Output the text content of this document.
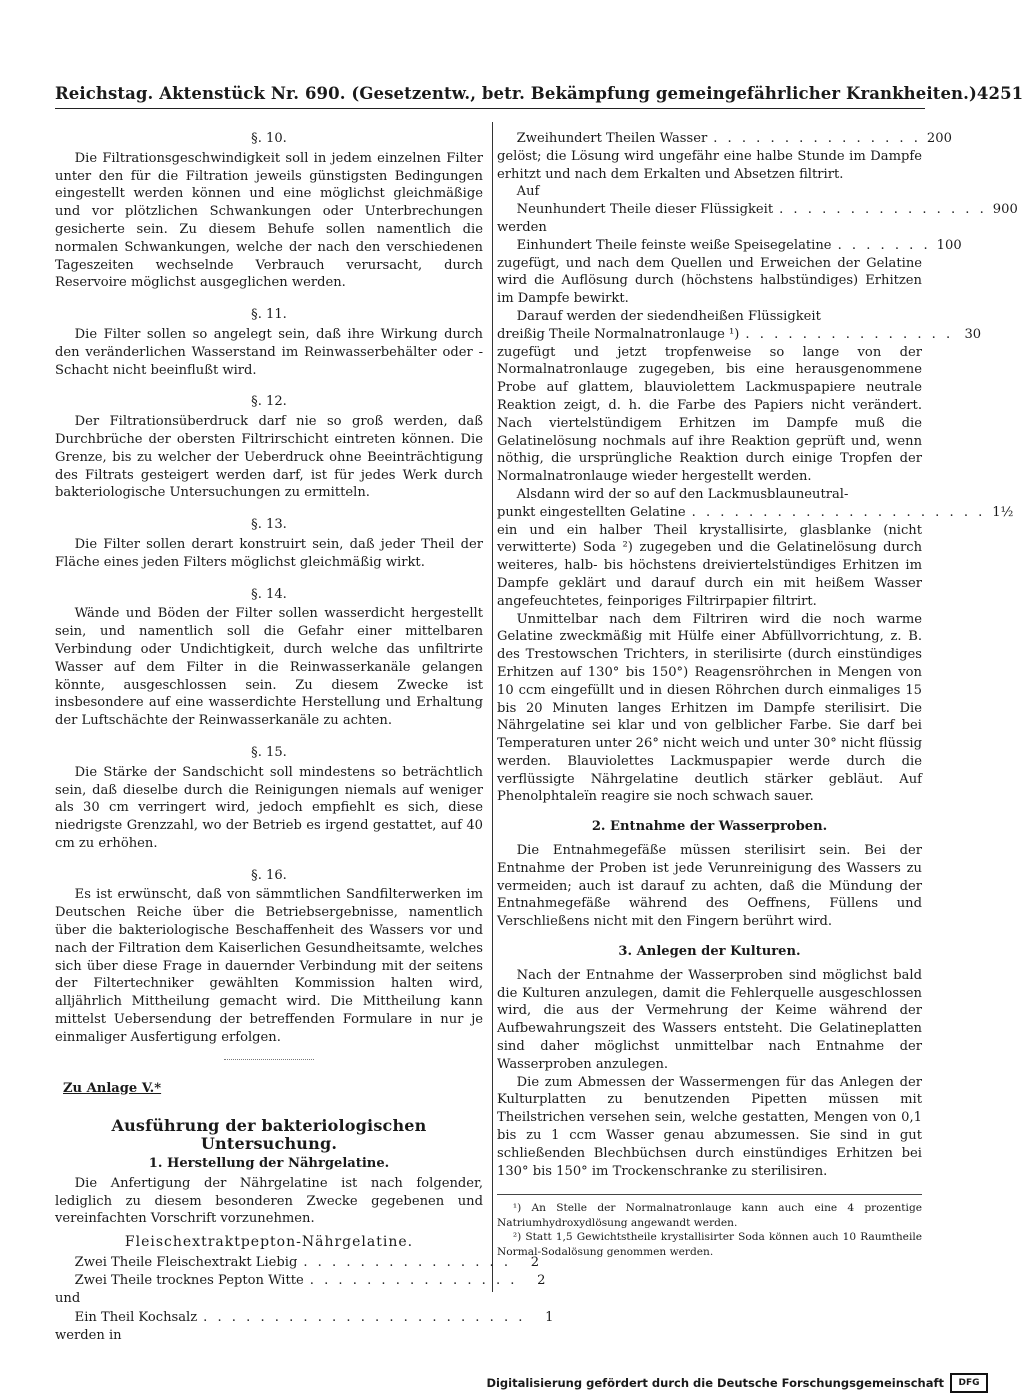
Reichstag. Aktenstück Nr. 690. (Gesetzentw., betr. Bekämpfung gemeingefährlicher Krankheiten.) 4251
§. 10.

Die Filtrationsgeschwindigkeit soll in jedem einzelnen Filter unter den für die Filtration jeweils günstigsten Bedingungen eingestellt werden können und eine möglichst gleichmäßige und vor plötzlichen Schwankungen oder Unterbrechungen gesicherte sein. Zu diesem Behufe sollen namentlich die normalen Schwankungen, welche der nach den verschiedenen Tageszeiten wechselnde Verbrauch verursacht, durch Reservoire möglichst ausgeglichen werden.

§. 11.

Die Filter sollen so angelegt sein, daß ihre Wirkung durch den veränderlichen Wasserstand im Reinwasserbehälter oder -Schacht nicht beeinflußt wird.

§. 12.

Der Filtrationsüberdruck darf nie so groß werden, daß Durchbrüche der obersten Filtrirschicht eintreten können. Die Grenze, bis zu welcher der Ueberdruck ohne Beeinträchtigung des Filtrats gesteigert werden darf, ist für jedes Werk durch bakteriologische Untersuchungen zu ermitteln.

§. 13.

Die Filter sollen derart konstruirt sein, daß jeder Theil der Fläche eines jeden Filters möglichst gleichmäßig wirkt.

§. 14.

Wände und Böden der Filter sollen wasserdicht hergestellt sein, und namentlich soll die Gefahr einer mittelbaren Verbindung oder Undichtigkeit, durch welche das unfiltrirte Wasser auf dem Filter in die Reinwasserkanäle gelangen könnte, ausgeschlossen sein. Zu diesem Zwecke ist insbesondere auf eine wasserdichte Herstellung und Erhaltung der Luftschächte der Reinwasserkanäle zu achten.

§. 15.

Die Stärke der Sandschicht soll mindestens so beträchtlich sein, daß dieselbe durch die Reinigungen niemals auf weniger als 30 cm verringert wird, jedoch empfiehlt es sich, diese niedrigste Grenzzahl, wo der Betrieb es irgend gestattet, auf 40 cm zu erhöhen.

§. 16.

Es ist erwünscht, daß von sämmtlichen Sandfilterwerken im Deutschen Reiche über die Betriebsergebnisse, namentlich über die bakteriologische Beschaffenheit des Wassers vor und nach der Filtration dem Kaiserlichen Gesundheitsamte, welches sich über diese Frage in dauernder Verbindung mit der seitens der Filtertechniker gewählten Kommission halten wird, alljährlich Mittheilung gemacht wird. Die Mittheilung kann mittelst Uebersendung der betreffenden Formulare in nur je einmaliger Ausfertigung erfolgen.

Zu Anlage V.*
Ausführung der bakteriologischen Untersuchung.
1. Herstellung der Nährgelatine.

Die Anfertigung der Nährgelatine ist nach folgender, lediglich zu diesem besonderen Zwecke gegebenen und vereinfachten Vorschrift vorzunehmen.

Fleischextraktpepton-Nährgelatine.
Zwei Theile Fleischextrakt Liebig . . . . . . . . . . . . . . .	2
Zwei Theile trocknes Pepton Witte . . . . . . . . . . . . . . .	2
und
Ein Theil Kochsalz . . . . . . . . . . . . . . . . . . . . . . .	1
werden in
Zweihundert Theilen Wasser . . . . . . . . . . . . . . . 200

gelöst; die Lösung wird ungefähr eine halbe Stunde im Dampfe erhitzt und nach dem Erkalten und Absetzen filtrirt.

Auf
Neunhundert Theile dieser Flüssigkeit . . . . . . . . . . . . . . . 900
werden
Einhundert Theile feinste weiße Speisegelatine . . . . . . . 100

zugefügt, und nach dem Quellen und Erweichen der Gelatine wird die Auflösung durch (höchstens halbstündiges) Erhitzen im Dampfe bewirkt.

Darauf werden der siedendheißen Flüssigkeit

dreißig Theile Normalnatronlauge ¹) . . . . . . . . . . . . . . . 30

zugefügt und jetzt tropfenweise so lange von der Normalnatronlauge zugegeben, bis eine herausgenommene Probe auf glattem, blauviolettem Lackmuspapiere neutrale Reaktion zeigt, d. h. die Farbe des Papiers nicht verändert. Nach viertelstündigem Erhitzen im Dampfe muß die Gelatinelösung nochmals auf ihre Reaktion geprüft und, wenn nöthig, die ursprüngliche Reaktion durch einige Tropfen der Normalnatronlauge wieder hergestellt werden.

Alsdann wird der so auf den Lackmusblauneutral-

punkt eingestellten Gelatine . . . . . . . . . . . . . . . . . . . . . 1½

ein und ein halber Theil krystallisirte, glasblanke (nicht verwitterte) Soda ²) zugegeben und die Gelatinelösung durch weiteres, halb- bis höchstens dreiviertelstündiges Erhitzen im Dampfe geklärt und darauf durch ein mit heißem Wasser angefeuchtetes, feinporiges Filtrirpapier filtrirt.

Unmittelbar nach dem Filtriren wird die noch warme Gelatine zweckmäßig mit Hülfe einer Abfüllvorrichtung, z. B. des Trestowschen Trichters, in sterilisirte (durch einstündiges Erhitzen auf 130° bis 150°) Reagensröhrchen in Mengen von 10 ccm eingefüllt und in diesen Röhrchen durch einmaliges 15 bis 20 Minuten langes Erhitzen im Dampfe sterilisirt. Die Nährgelatine sei klar und von gelblicher Farbe. Sie darf bei Temperaturen unter 26° nicht weich und unter 30° nicht flüssig werden. Blauviolettes Lackmuspapier werde durch die verflüssigte Nährgelatine deutlich stärker gebläut. Auf Phenolphtaleïn reagire sie noch schwach sauer.

2. Entnahme der Wasserproben.

Die Entnahmegefäße müssen sterilisirt sein. Bei der Entnahme der Proben ist jede Verunreinigung des Wassers zu vermeiden; auch ist darauf zu achten, daß die Mündung der Entnahmegefäße während des Oeffnens, Füllens und Verschließens nicht mit den Fingern berührt wird.

3. Anlegen der Kulturen.

Nach der Entnahme der Wasserproben sind möglichst bald die Kulturen anzulegen, damit die Fehlerquelle ausgeschlossen wird, die aus der Vermehrung der Keime während der Aufbewahrungszeit des Wassers entsteht. Die Gelatineplatten sind daher möglichst unmittelbar nach Entnahme der Wasserproben anzulegen.

Die zum Abmessen der Wassermengen für das Anlegen der Kulturplatten zu benutzenden Pipetten müssen mit Theilstrichen versehen sein, welche gestatten, Mengen von 0,1 bis zu 1 ccm Wasser genau abzumessen. Sie sind in gut schließenden Blechbüchsen durch einstündiges Erhitzen bei 130° bis 150° im Trockenschranke zu sterilisiren.

¹) An Stelle der Normalnatronlauge kann auch eine 4 prozentige Natriumhydroxydlösung angewandt werden.

²) Statt 1,5 Gewichtstheile krystallisirter Soda können auch 10 Raumtheile Normal-Sodalösung genommen werden.

Digitalisierung gefördert durch die Deutsche Forschungsgemeinschaft	DFG
